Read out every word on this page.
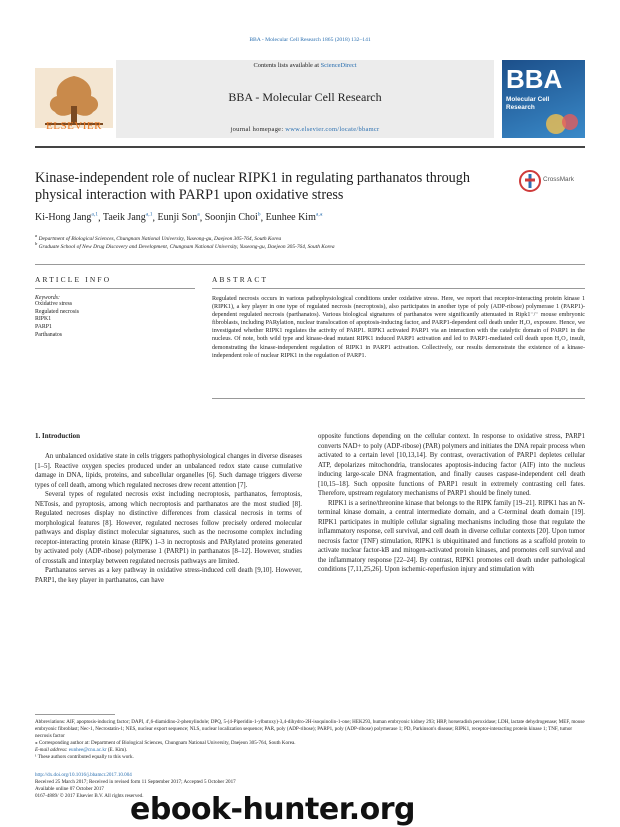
BBA - Molecular Cell Research 1865 (2018) 132–141
ELSEVIER
Contents lists available at ScienceDirect
BBA - Molecular Cell Research
journal homepage: www.elsevier.com/locate/bbamcr
BBA
Molecular Cell Research
Kinase-independent role of nuclear RIPK1 in regulating parthanatos through physical interaction with PARP1 upon oxidative stress
CrossMark
Ki-Hong Jang$^{a,1}$, Taeik Jang$^{a,1}$, Eunji Son$^a$, Soonjin Choi$^b$, Eunhee Kim$^{a,⁎}$
$^a$ Department of Biological Sciences, Chungnam National University, Yuseong-gu, Daejeon 305-764, South Korea
$^b$ Graduate School of New Drug Discovery and Development, Chungnam National University, Yuseong-gu, Daejeon 305-764, South Korea
ARTICLE INFO
Keywords:
Oxidative stress
Regulated necrosis
RIPK1
PARP1
Parthanatos
ABSTRACT
Regulated necrosis occurs in various pathophysiological conditions under oxidative stress. Here, we report that receptor-interacting protein kinase 1 (RIPK1), a key player in one type of regulated necrosis (necroptosis), also participates in another type of poly (ADP-ribose) polymerase 1 (PARP1)-dependent regulated necrosis (parthanatos). Various biological signatures of parthanatos were significantly attenuated in Ripk1⁻/⁻ mouse embryonic fibroblasts, including PARylation, nuclear translocation of apoptosis-inducing factor, and PARP1-dependent cell death under H₂O₂ exposure. Hence, we investigated whether RIPK1 regulates the activity of PARP1. RIPK1 activated PARP1 via an interaction with the catalytic domain of PARP1 in the nucleus. Of note, both wild type and kinase-dead mutant RIPK1 induced PARP1 activation and led to PARP1-mediated cell death upon H₂O₂ insult, demonstrating the kinase-independent regulation of RIPK1 in PARP1 activation. Collectively, our results demonstrate the existence of a kinase-independent role of nuclear RIPK1 in the regulation of PARP1.
1. Introduction

An unbalanced oxidative state in cells triggers pathophysiological changes in diverse diseases [1–5]. Reactive oxygen species produced under an unbalanced redox state cause cumulative damage in DNA, lipids, proteins, and subcellular organelles [6]. Such damage triggers diverse types of cell death, among which regulated necroses drew recent attention [7].

Several types of regulated necrosis exist including necroptosis, parthanatos, ferroptosis, NETosis, and pyroptosis, among which necroptosis and parthanatos are the most studied [8]. Regulated necroses display no distinctive differences from classical necrosis in terms of morphological features [8]. However, regulated necroses follow precisely ordered molecular pathways and display distinct molecular signatures, such as the necrosome complex including receptor-interacting protein kinase (RIPK) 1–3 in necroptosis and PARylated proteins generated by activated poly (ADP-ribose) polymerase 1 (PARP1) in parthanatos [8–12]. However, studies of crosstalk and interplay between regulated necrosis pathways are limited.

Parthanatos serves as a key pathway in oxidative stress-induced cell death [9,10]. However, PARP1, the key player in parthanatos, can have

opposite functions depending on the cellular context. In response to oxidative stress, PARP1 converts NAD+ to poly (ADP-ribose) (PAR) polymers and initiates the DNA repair process when activated to a certain level [10,13,14]. By contrast, overactivation of PARP1 depletes cellular ATP, depolarizes mitochondria, translocates apoptosis-inducing factor (AIF) into the nucleus inducing large-scale DNA fragmentation, and finally causes caspase-independent cell death [10,15–18]. Such opposite functions of PARP1 result in extremely contrasting cell fates. Therefore, upstream regulatory mechanisms of PARP1 should be finely tuned.

RIPK1 is a serine/threonine kinase that belongs to the RIPK family [19–21]. RIPK1 has an N-terminal kinase domain, a central intermediate domain, and a C-terminal death domain [19]. RIPK1 participates in multiple cellular signaling mechanisms including those that regulate the inflammatory response, cell survival, and cell death in diverse cellular contexts [20]. Upon tumor necrosis factor (TNF) stimulation, RIPK1 is ubiquitinated and functions as a scaffold protein to activate nuclear factor-kB and mitogen-activated protein kinases, and promotes cell survival and the inflammatory response [22–24]. By contrast, RIPK1 promotes cell death under pathological conditions [7,11,25,26]. Upon ischemic-reperfusion injury and stimulation with

Abbreviations: AIF, apoptosis-inducing factor; DAPI, 4′,6-diamidino-2-phenylindole; DPQ, 5-(4-Piperidin-1-ylbutoxy)-3,4-dihydro-2H-isoquinolin-1-one; HEK293, human embryonic kidney 293; HRP, horseradish peroxidase; LDH, lactate dehydrogenase; MEF, mouse embryonic fibroblast; Nec-1, Necrostatin-1; NES, nuclear export sequence; NLS, nuclear localization sequence; PAR, poly (ADP-ribose); PARP1, poly (ADP-ribose) polymerase 1; PD, Parkinson's disease; RIPK1, receptor-interacting protein kinase 1; TNF, tumor necrosis factor
⁎ Corresponding author at: Department of Biological Sciences, Chungnam National University, Daejeon 305-764, South Korea.
E-mail address: eunhee@cnu.ac.kr (E. Kim).
¹ These authors contributed equally to this work.
http://dx.doi.org/10.1016/j.bbamcr.2017.10.004
Received 25 March 2017; Received in revised form 11 September 2017; Accepted 5 October 2017
Available online 07 October 2017
0167-4889/ © 2017 Elsevier B.V. All rights reserved.
ebook-hunter.org
